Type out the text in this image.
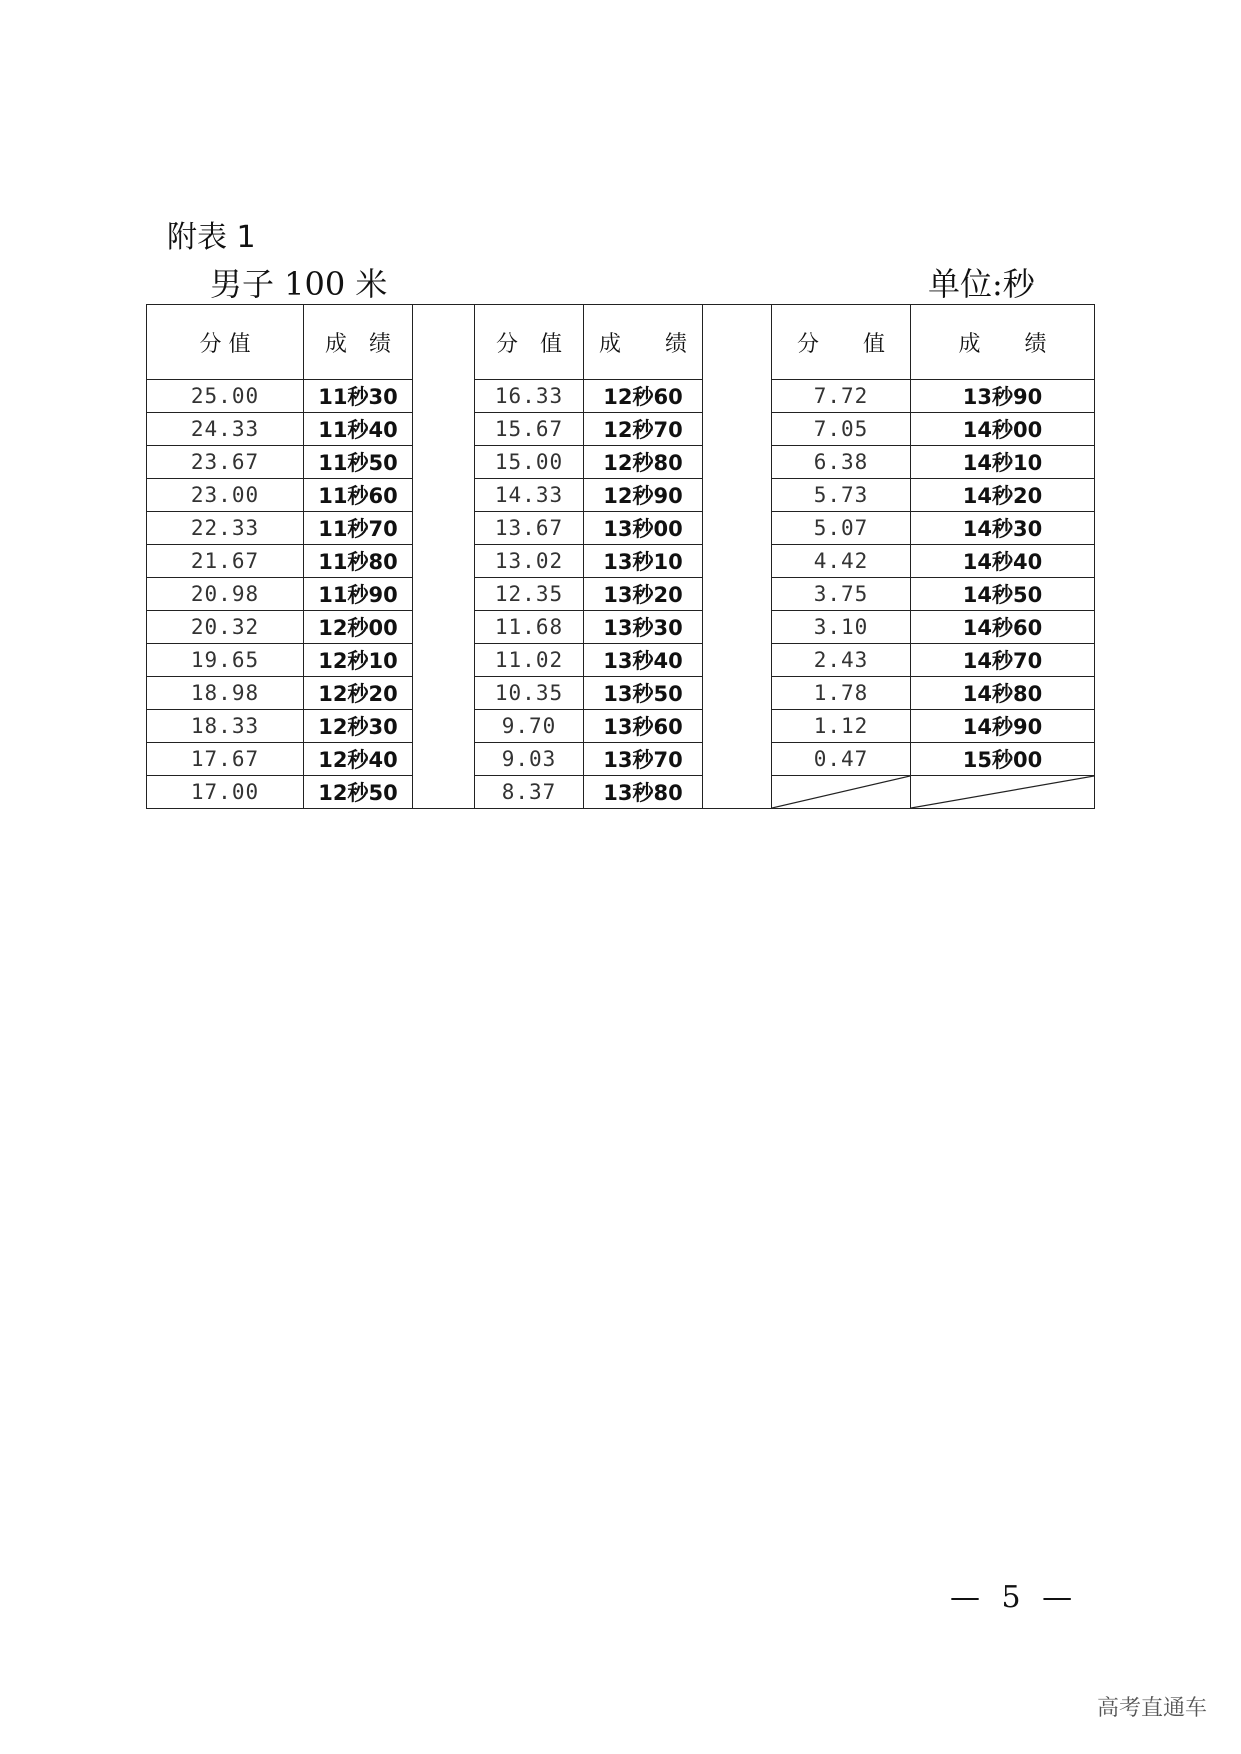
附表 1
男子 100 米	单位:秒
分 值	成　绩		分　值	成　　绩		分　　值	成　　绩
25.00	11秒30		16.33	12秒60		7.72	13秒90
24.33	11秒40		15.67	12秒70		7.05	14秒00
23.67	11秒50		15.00	12秒80		6.38	14秒10
23.00	11秒60		14.33	12秒90		5.73	14秒20
22.33	11秒70		13.67	13秒00		5.07	14秒30
21.67	11秒80		13.02	13秒10		4.42	14秒40
20.98	11秒90		12.35	13秒20		3.75	14秒50
20.32	12秒00		11.68	13秒30		3.10	14秒60
19.65	12秒10		11.02	13秒40		2.43	14秒70
18.98	12秒20		10.35	13秒50		1.78	14秒80
18.33	12秒30		9.70	13秒60		1.12	14秒90
17.67	12秒40		9.03	13秒70		0.47	15秒00
17.00	12秒50		8.37	13秒80		

— 5 —
高考直通车
